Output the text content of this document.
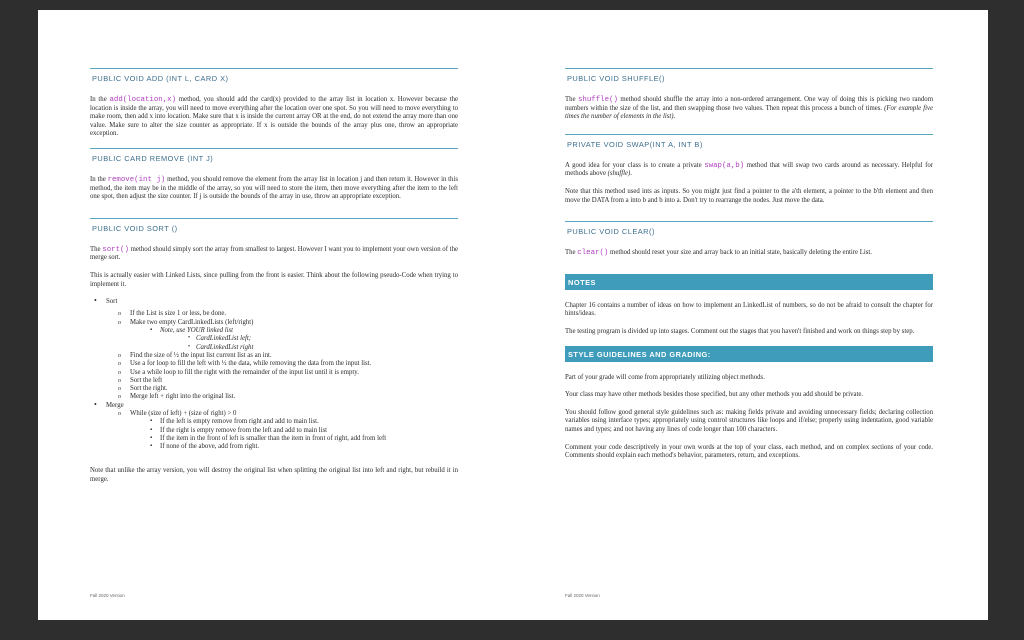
PUBLIC VOID ADD (INT L, CARD X)

In the add(location,x) method, you should add the card(x) provided to the array list in location x. However because the location is inside the array, you will need to move everything after the location over one spot. So you will need to move everything to make room, then add x into location. Make sure that x is inside the current array OR at the end, do not extend the array more than one value. Make sure to alter the size counter as appropriate. If x is outside the bounds of the array plus one, throw an appropriate exception.

PUBLIC CARD REMOVE (INT J)

In the remove(int j) method, you should remove the element from the array list in location j and then return it. However in this method, the item may be in the middle of the array, so you will need to store the item, then move everything after the item to the left one spot, then adjust the size counter. If j is outside the bounds of the array in use, throw an appropriate exception.

PUBLIC VOID SORT ()

The sort() method should simply sort the array from smallest to largest. However I want you to implement your own version of the merge sort.

This is actually easier with Linked Lists, since pulling from the front is easier. Think about the following pseudo-Code when trying to implement it.

• Sort
o If the List is size 1 or less, be done.
o Make two empty CardLinkedLists (left/right)
▪ Note, use YOUR linked list
• CardLinkedList left;
• CardLinkedList right
o Find the size of ½ the input list current list as an int.
o Use a for loop to fill the left with ½ the data, while removing the data from the input list.
o Use a while loop to fill the right with the remainder of the input list until it is empty.
o Sort the left
o Sort the right.
o Merge left + right into the original list.
• Merge
o While (size of left) + (size of right) > 0
▪ If the left is empty remove from right and add to main list.
▪ If the right is empty remove from the left and add to main list
▪ If the item in the front of left is smaller than the item in front of right, add from left
▪ If none of the above, add from right.

Note that unlike the array version, you will destroy the original list when splitting the original list into left and right, but rebuild it in merge.

Fall 2020 Version
PUBLIC VOID SHUFFLE()

The shuffle() method should shuffle the array into a non-ordered arrangement. One way of doing this is picking two random numbers within the size of the list, and then swapping those two values. Then repeat this process a bunch of times. (For example five times the number of elements in the list).

PRIVATE VOID SWAP(INT A, INT B)

A good idea for your class is to create a private swap(a,b) method that will swap two cards around as necessary. Helpful for methods above (shuffle).

Note that this method used ints as inputs. So you might just find a pointer to the a'th element, a pointer to the b'th element and then move the DATA from a into b and b into a. Don't try to rearrange the nodes. Just move the data.

PUBLIC VOID CLEAR()

The clear() method should reset your size and array back to an initial state, basically deleting the entire List.

NOTES

Chapter 16 contains a number of ideas on how to implement an LinkedList of numbers, so do not be afraid to consult the chapter for hints/ideas.

The testing program is divided up into stages. Comment out the stages that you haven't finished and work on things step by step.

STYLE GUIDELINES AND GRADING:

Part of your grade will come from appropriately utilizing object methods.

Your class may have other methods besides those specified, but any other methods you add should be private.

You should follow good general style guidelines such as: making fields private and avoiding unnecessary fields; declaring collection variables using interface types; appropriately using control structures like loops and if/else; properly using indentation, good variable names and types; and not having any lines of code longer than 100 characters.

Comment your code descriptively in your own words at the top of your class, each method, and on complex sections of your code. Comments should explain each method's behavior, parameters, return, and exceptions.

Fall 2020 Version
